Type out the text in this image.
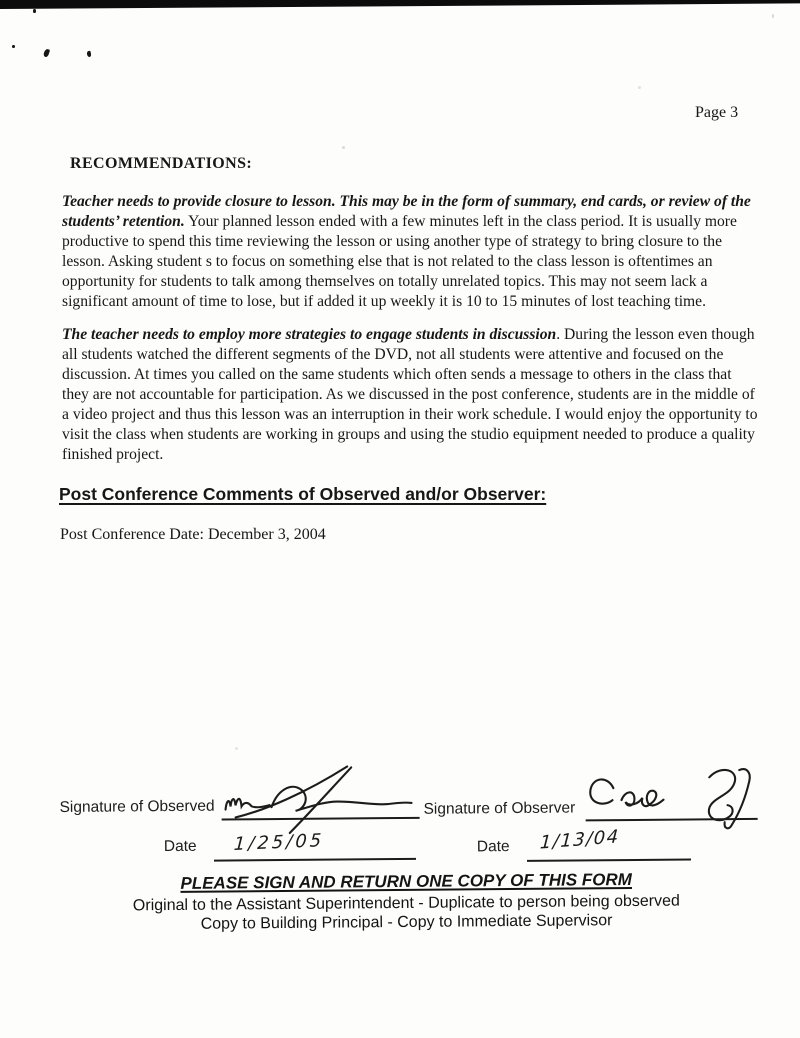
Page 3
RECOMMENDATIONS:
Teacher needs to provide closure to lesson. This may be in the form of summary, end cards, or review of the students’ retention. Your planned lesson ended with a few minutes left in the class period. It is usually more productive to spend this time reviewing the lesson or using another type of strategy to bring closure to the lesson. Asking student s to focus on something else that is not related to the class lesson is oftentimes an opportunity for students to talk among themselves on totally unrelated topics. This may not seem lack a significant amount of time to lose, but if added it up weekly it is 10 to 15 minutes of lost teaching time.
The teacher needs to employ more strategies to engage students in discussion. During the lesson even though all students watched the different segments of the DVD, not all students were attentive and focused on the discussion. At times you called on the same students which often sends a message to others in the class that they are not accountable for participation. As we discussed in the post conference, students are in the middle of a video project and thus this lesson was an interruption in their work schedule. I would enjoy the opportunity to visit the class when students are working in groups and using the studio equipment needed to produce a quality finished project.
Post Conference Comments of Observed and/or Observer:
Post Conference Date: December 3, 2004
Signature of Observed	Signature of Observer
Date 1/25/05	Date 1/13/04
PLEASE SIGN AND RETURN ONE COPY OF THIS FORM
Original to the Assistant Superintendent - Duplicate to person being observed
Copy to Building Principal - Copy to Immediate Supervisor
